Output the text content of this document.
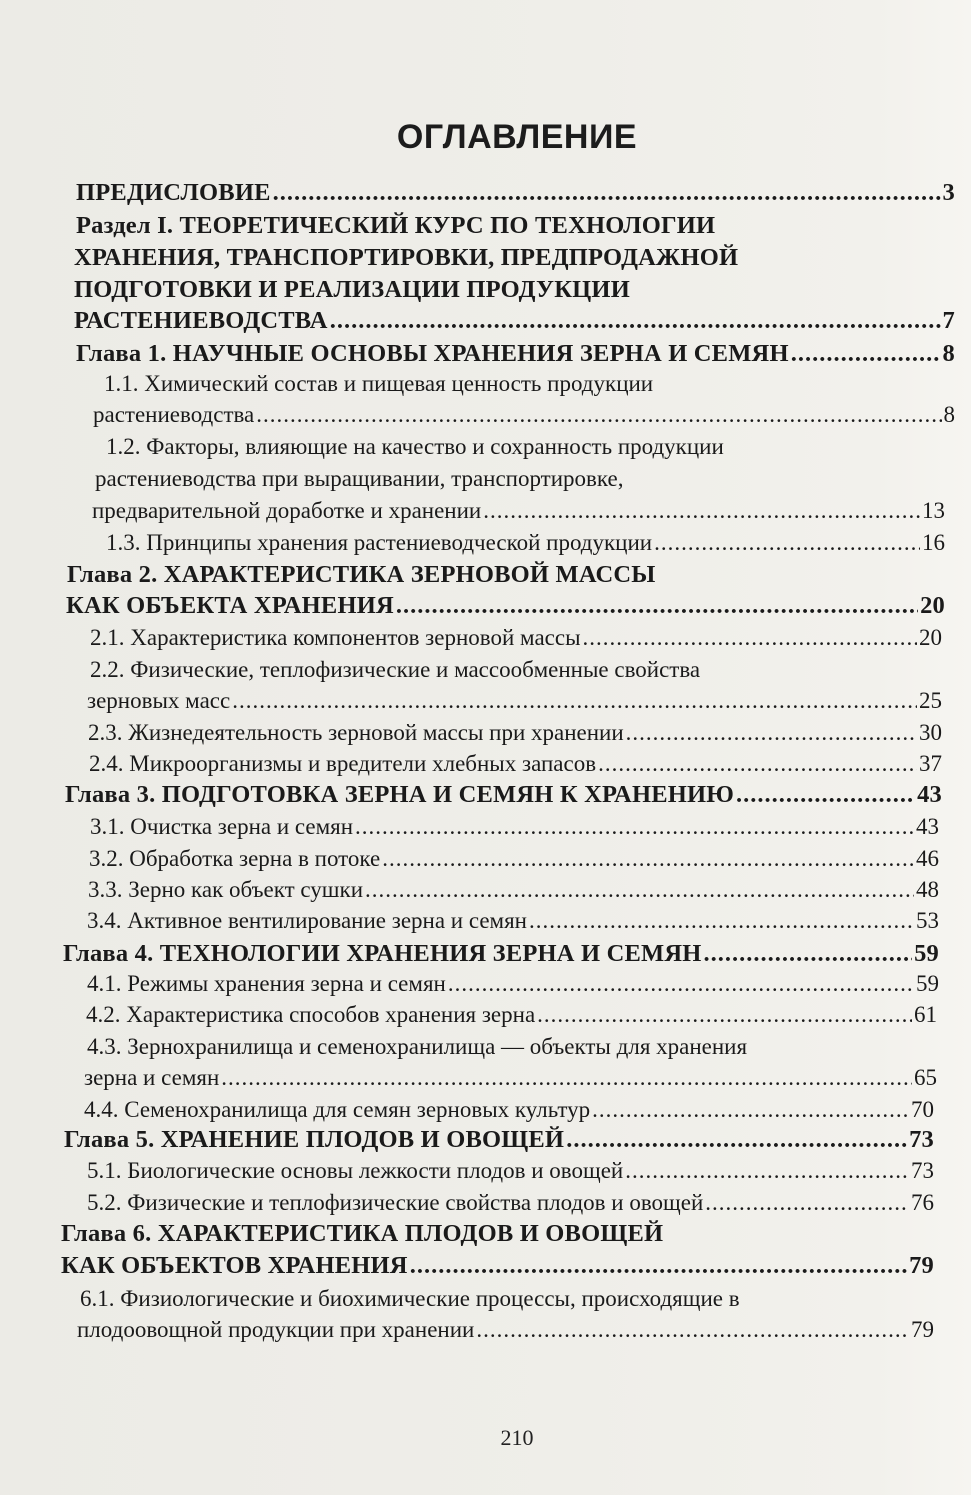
ОГЛАВЛЕНИЕ
ПРЕДИСЛОВИЕ .....	3
Раздел I. ТЕОРЕТИЧЕСКИЙ КУРС ПО ТЕХНОЛОГИИ
ХРАНЕНИЯ, ТРАНСПОРТИРОВКИ, ПРЕДПРОДАЖНОЙ
ПОДГОТОВКИ И РЕАЛИЗАЦИИ ПРОДУКЦИИ
РАСТЕНИЕВОДСТВА .....	7
Глава 1. НАУЧНЫЕ ОСНОВЫ ХРАНЕНИЯ ЗЕРНА И СЕМЯН .....	8
1.1. Химический состав и пищевая ценность продукции
растениеводства .....	8
1.2. Факторы, влияющие на качество и сохранность продукции
растениеводства при выращивании, транспортировке,
предварительной доработке и хранении .....	13
1.3. Принципы хранения растениеводческой продукции .....	16
Глава 2. ХАРАКТЕРИСТИКА ЗЕРНОВОЙ МАССЫ
КАК ОБЪЕКТА ХРАНЕНИЯ .....	20
2.1. Характеристика компонентов зерновой массы .....	20
2.2. Физические, теплофизические и массообменные свойства
зерновых масс .....	25
2.3. Жизнедеятельность зерновой массы при хранении .....	30
2.4. Микроорганизмы и вредители хлебных запасов .....	37
Глава 3. ПОДГОТОВКА ЗЕРНА И СЕМЯН К ХРАНЕНИЮ .....	43
3.1. Очистка зерна и семян .....	43
3.2. Обработка зерна в потоке .....	46
3.3. Зерно как объект сушки .....	48
3.4. Активное вентилирование зерна и семян .....	53
Глава 4. ТЕХНОЛОГИИ ХРАНЕНИЯ ЗЕРНА И СЕМЯН .....	59
4.1. Режимы хранения зерна и семян .....	59
4.2. Характеристика способов хранения зерна .....	61
4.3. Зернохранилища и семенохранилища — объекты для хранения
зерна и семян .....	65
4.4. Семенохранилища для семян зерновых культур .....	70
Глава 5. ХРАНЕНИЕ ПЛОДОВ И ОВОЩЕЙ .....	73
5.1. Биологические основы лежкости плодов и овощей .....	73
5.2. Физические и теплофизические свойства плодов и овощей .....	76
Глава 6. ХАРАКТЕРИСТИКА ПЛОДОВ И ОВОЩЕЙ
КАК ОБЪЕКТОВ ХРАНЕНИЯ .....	79
6.1. Физиологические и биохимические процессы, происходящие в
плодоовощной продукции при хранении .....	79
210
